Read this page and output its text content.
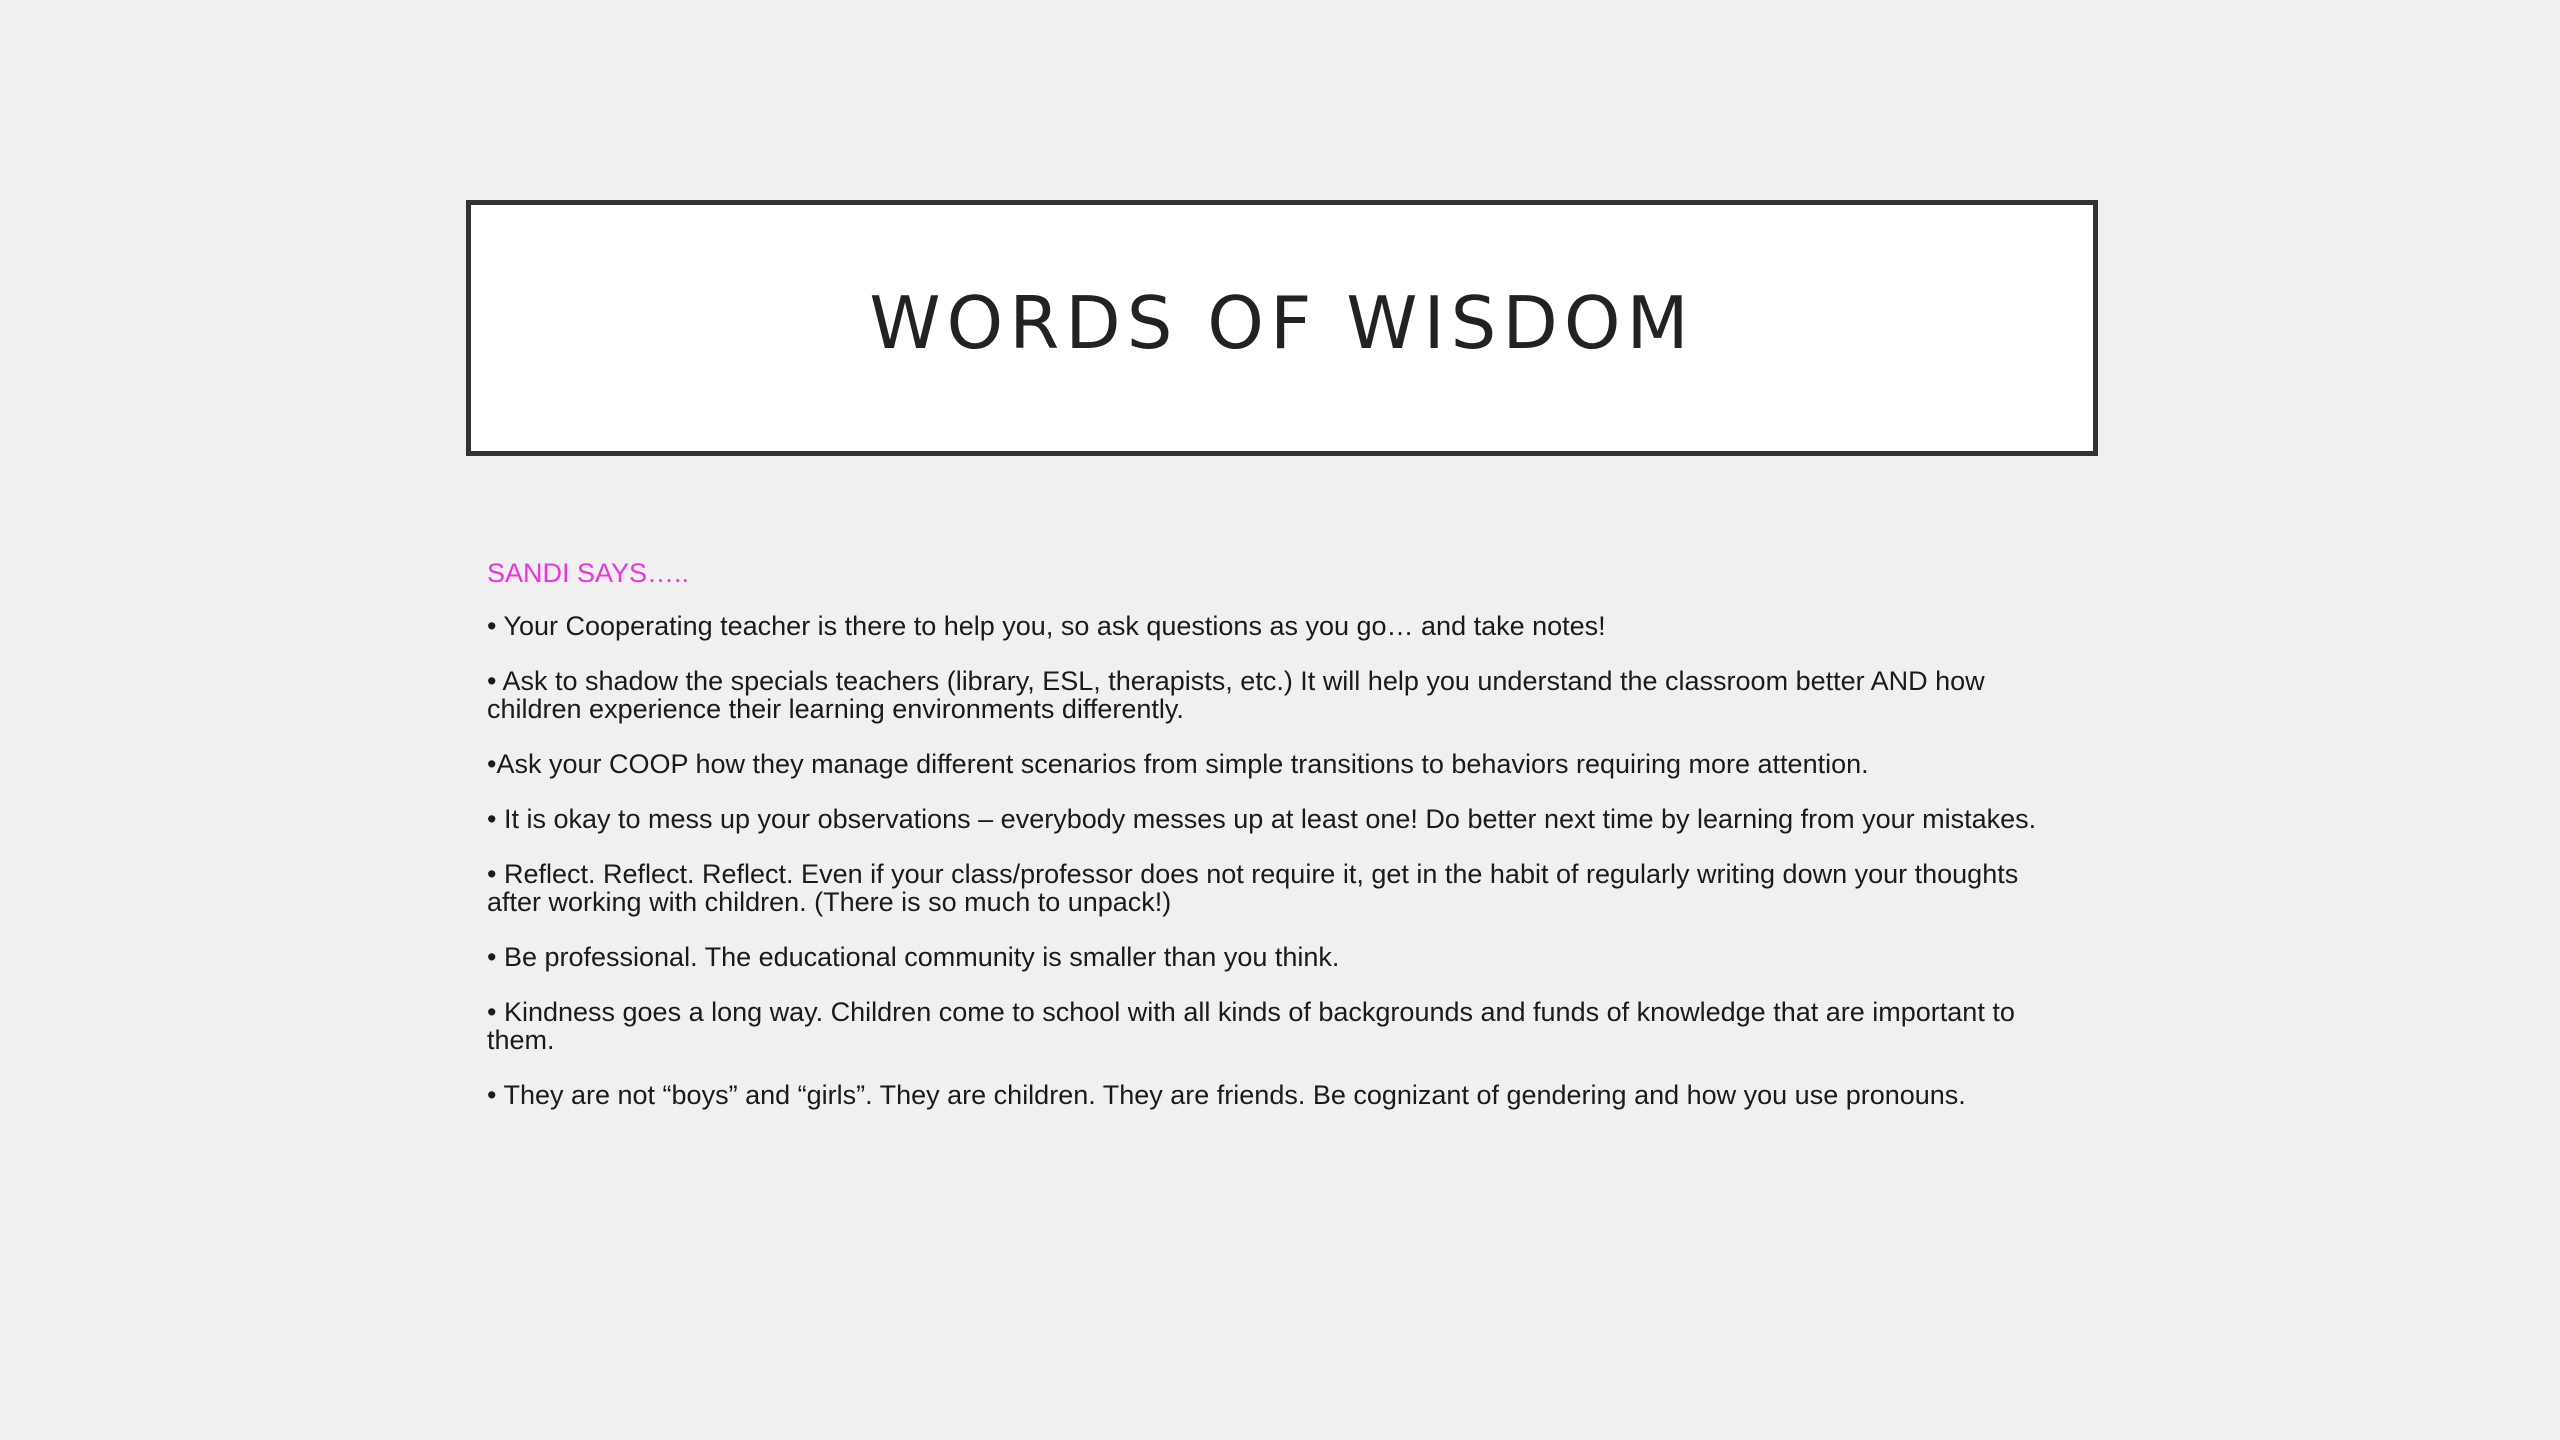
WORDS OF WISDOM

SANDI SAYS…..

• Your Cooperating teacher is there to help you, so ask questions as you go… and take notes!

• Ask to shadow the specials teachers (library, ESL, therapists, etc.) It will help you understand the classroom better AND how children experience their learning environments differently.

•Ask your COOP how they manage different scenarios from simple transitions to behaviors requiring more attention.

• It is okay to mess up your observations – everybody messes up at least one! Do better next time by learning from your mistakes.

• Reflect. Reflect. Reflect. Even if your class/professor does not require it, get in the habit of regularly writing down your thoughts after working with children. (There is so much to unpack!)

• Be professional. The educational community is smaller than you think.

• Kindness goes a long way. Children come to school with all kinds of backgrounds and funds of knowledge that are important to them.

• They are not “boys” and “girls”. They are children. They are friends. Be cognizant of gendering and how you use pronouns.
